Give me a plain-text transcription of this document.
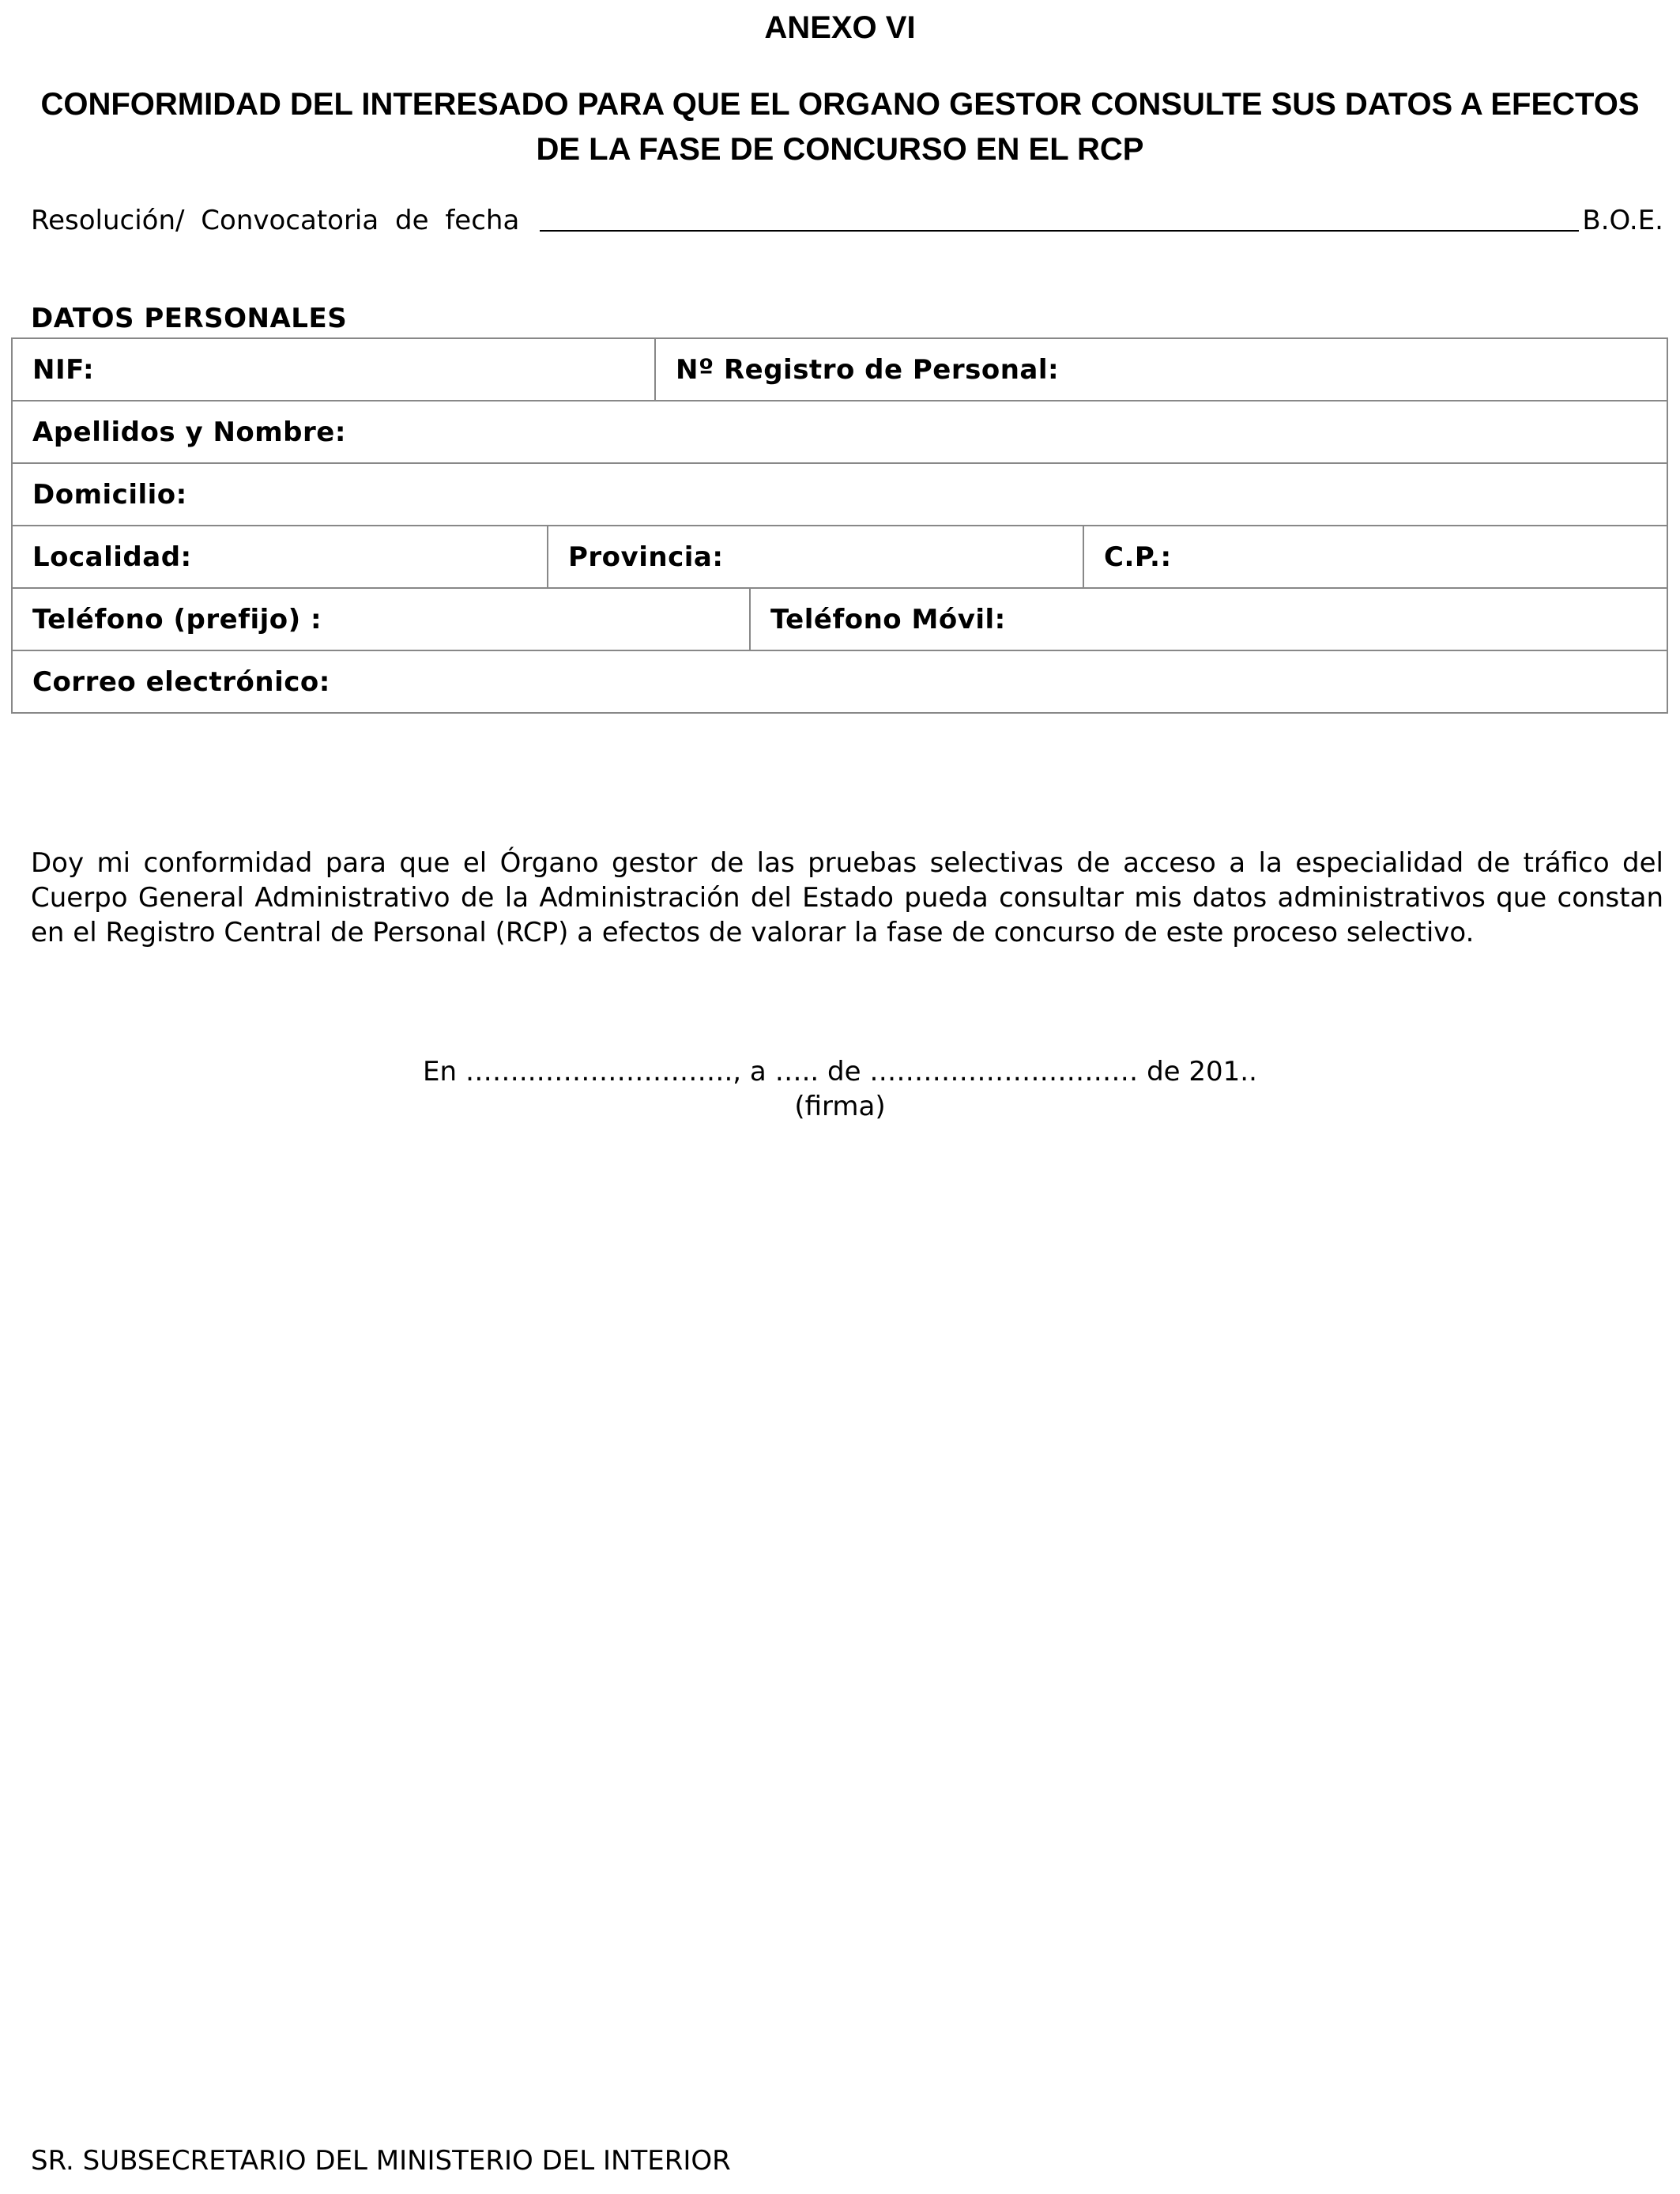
ANEXO VI
CONFORMIDAD DEL INTERESADO PARA QUE EL ORGANO GESTOR CONSULTE SUS DATOS A EFECTOS DE LA FASE DE CONCURSO EN EL RCP
Resolución/ Convocatoria de fecha	B.O.E.
DATOS PERSONALES
NIF:	Nº Registro de Personal:
Apellidos y Nombre:
Domicilio:
Localidad:	Provincia:	C.P.:
Teléfono (prefijo) :	Teléfono Móvil:
Correo electrónico:
Doy mi conformidad para que el Órgano gestor de las pruebas selectivas de acceso a la especialidad de tráfico del Cuerpo General Administrativo de la Administración del Estado pueda consultar mis datos administrativos que constan en el Registro Central de Personal (RCP) a efectos de valorar la fase de concurso de este proceso selectivo.
En ……..…………………., a ….. de ………………………… de 201..
(firma)
SR. SUBSECRETARIO DEL MINISTERIO DEL INTERIOR
